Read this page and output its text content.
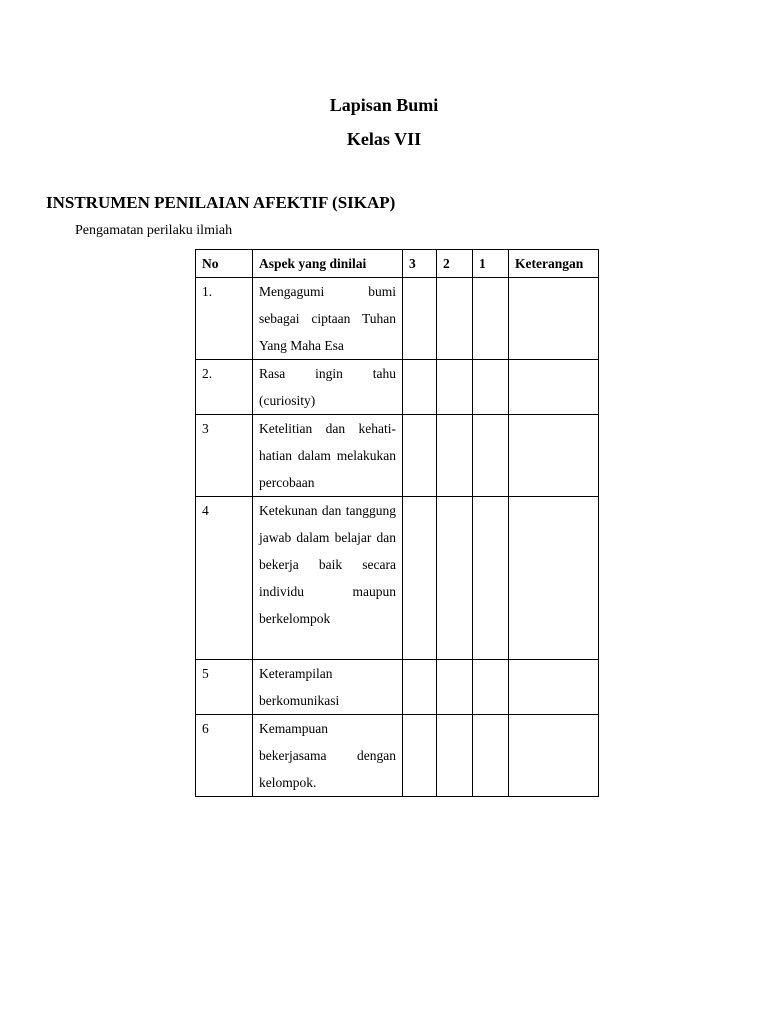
Lapisan Bumi
Kelas VII
INSTRUMEN PENILAIAN AFEKTIF (SIKAP)
Pengamatan perilaku ilmiah
No	Aspek yang dinilai	3	2	1	Keterangan
1.	Mengagumi bumi sebagai ciptaan Tuhan Yang Maha Esa				
2.	Rasa ingin tahu (curiosity)				
3	Ketelitian dan kehati-hatian dalam melakukan percobaan				
4	Ketekunan dan tanggung jawab dalam belajar dan bekerja baik secara individu maupun berkelompok				
5	Keterampilan berkomunikasi				
6	Kemampuan bekerjasama dengan kelompok.				
